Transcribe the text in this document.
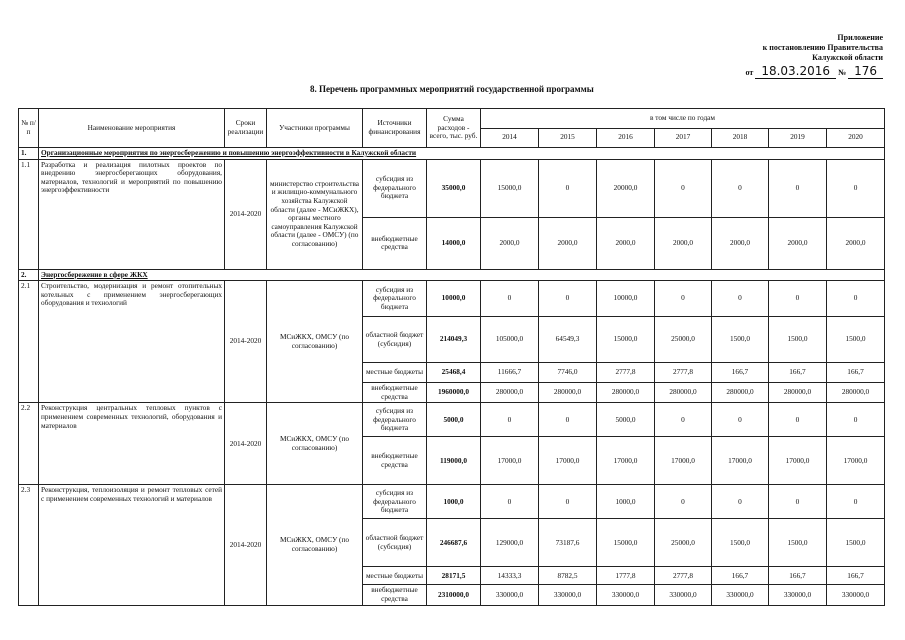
Приложение
к постановлению Правительства
Калужской области
от 18.03.2016 № 176
8. Перечень программных мероприятий государственной программы
№ п/п	Наименование мероприятия	Сроки реализации	Участники программы	Источники финансирования	Сумма расходов - всего, тыс. руб.	в том числе по годам						
						2014	2015	2016	2017	2018	2019	2020
1.	Организационные мероприятия по энергосбережению и повышению энергоэффективности в Калужской области											
1.1	Разработка и реализация пилотных проектов по внедрению энергосберегающих оборудования, материалов, технологий и мероприятий по повышению энергоэффективности	2014-2020	министерство строительства и жилищно-коммунального хозяйства Калужской области (далее - МСиЖКХ), органы местного самоуправления Калужской области (далее - ОМСУ) (по согласованию)	субсидия из федерального бюджета	35000,0	15000,0	0	20000,0	0	0	0	0
				внебюджетные средства	14000,0	2000,0	2000,0	2000,0	2000,0	2000,0	2000,0	2000,0
2.	Энергосбережение в сфере ЖКХ											
2.1	Строительство, модернизация и ремонт отопительных котельных с применением энергосберегающих оборудования и технологий	2014-2020	МСиЖКХ, ОМСУ (по согласованию)	субсидия из федерального бюджета	10000,0	0	0	10000,0	0	0	0	0
				областной бюджет (субсидия)	214049,3	105000,0	64549,3	15000,0	25000,0	1500,0	1500,0	1500,0
				местные бюджеты	25468,4	11666,7	7746,0	2777,8	2777,8	166,7	166,7	166,7
				внебюджетные средства	1960000,0	280000,0	280000,0	280000,0	280000,0	280000,0	280000,0	280000,0
2.2	Реконструкция центральных тепловых пунктов с применением современных технологий, оборудования и материалов	2014-2020	МСиЖКХ, ОМСУ (по согласованию)	субсидия из федерального бюджета	5000,0	0	0	5000,0	0	0	0	0
				внебюджетные средства	119000,0	17000,0	17000,0	17000,0	17000,0	17000,0	17000,0	17000,0
2.3	Реконструкция, теплоизоляция и ремонт тепловых сетей с применением современных технологий и материалов	2014-2020	МСиЖКХ, ОМСУ (по согласованию)	субсидия из федерального бюджета	1000,0	0	0	1000,0	0	0	0	0
				областной бюджет (субсидия)	246687,6	129000,0	73187,6	15000,0	25000,0	1500,0	1500,0	1500,0
				местные бюджеты	28171,5	14333,3	8782,5	1777,8	2777,8	166,7	166,7	166,7
				внебюджетные средства	2310000,0	330000,0	330000,0	330000,0	330000,0	330000,0	330000,0	330000,0
